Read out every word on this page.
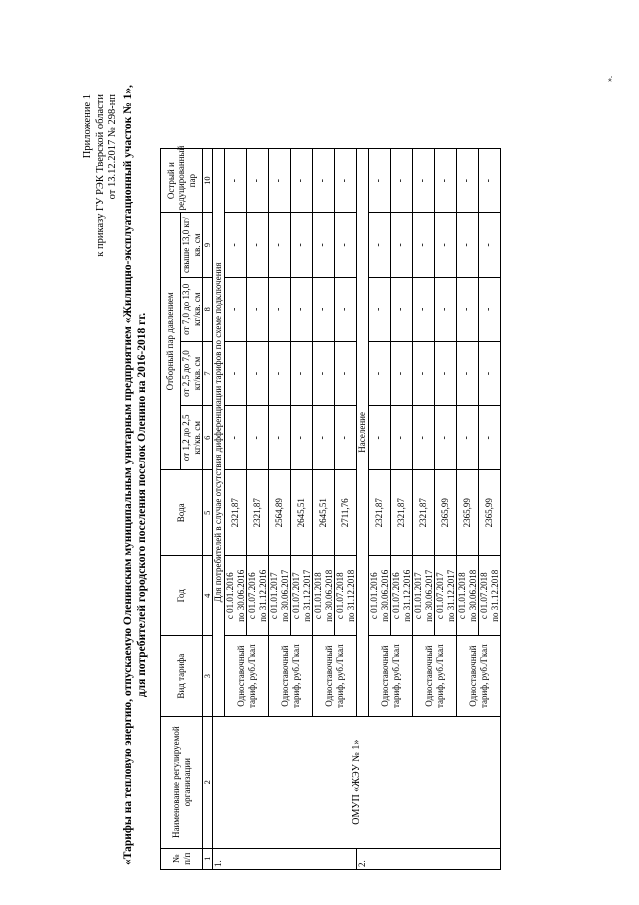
Приложение 1 к приказу ГУ РЭК Тверской области от 13.12.2017 № 298-нп «Тарифы на тепловую энергию, отпускаемую Оленинским муниципальным унитарным предприятием «Жилищно-эксплуатационный участок № 1», для потребителей городского поселения поселок Оленино на 2016-2018 гг.
№ п/п	Наименование регулируемой организации	Вид тарифа	Год	Вода	Отборный пар давлением				Острый и редуцированный пар
					от 1,2 до 2,5 кг/кв. см	от 2,5 до 7,0 кг/кв. см	от 7,0 до 13,0 кг/кв. см	свыше 13,0 кг/кв. см	
1	2	3	4	5	6	7	8	9	10
1.	ОМУП «ЖЭУ № 1»	Для потребителей в случае отсутствия дифференциации тарифов по схеме подключения							
		Одноставочный тариф, руб./Гкал	с 01.01.2016
по 30.06.2016	2321,87	-	-	-	-	-
			с 01.07.2016
по 31.12.2016	2321,87	-	-	-	-	-
		Одноставочный тариф, руб./Гкал	с 01.01.2017
по 30.06.2017	2564,89	-	-	-	-	-
			с 01.07.2017
по 31.12.2017	2645,51	-	-	-	-	-
		Одноставочный тариф, руб./Гкал	с 01.01.2018
по 30.06.2018	2645,51	-	-	-	-	-
			с 01.07.2018
по 31.12.2018	2711,76	-	-	-	-	-
2.		Население							
		Одноставочный тариф, руб./Гкал	с 01.01.2016
по 30.06.2016	2321,87	-	-	-	-	-
			с 01.07.2016
по 31.12.2016	2321,87	-	-	-	-	-
		Одноставочный тариф, руб./Гкал	с 01.01.2017
по 30.06.2017	2321,87	-	-	-	-	-
			с 01.07.2017
по 31.12.2017	2365,99	-	-	-	-	-
		Одноставочный тариф, руб./Гкал	с 01.01.2018
по 30.06.2018	2365,99	-	-	-	-	-
			с 01.07.2018
по 31.12.2018	2365,99	-	-	-	-	-
».
